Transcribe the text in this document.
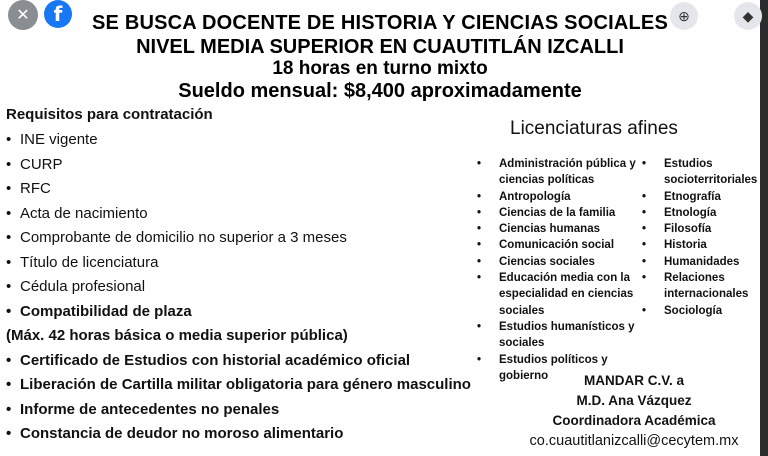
SE BUSCA DOCENTE DE HISTORIA Y CIENCIAS SOCIALES
NIVEL MEDIA SUPERIOR EN CUAUTITLÁN IZCALLI
18 horas en turno mixto
Sueldo mensual: $8,400 aproximadamente
Requisitos para contratación
• INE vigente
• CURP
• RFC
• Acta de nacimiento
• Comprobante de domicilio no superior a 3 meses
• Título de licenciatura
• Cédula profesional
• Compatibilidad de plaza
(Máx. 42 horas básica o media superior pública)
• Certificado de Estudios con historial académico oficial
• Liberación de Cartilla militar obligatoria para género masculino
• Informe de antecedentes no penales
• Constancia de deudor no moroso alimentario
Licenciaturas afines
• Administración pública y ciencias políticas
• Antropología
• Ciencias de la familia
• Ciencias humanas
• Comunicación social
• Ciencias sociales
• Educación media con la especialidad en ciencias sociales
• Estudios humanísticos y sociales
• Estudios políticos y gobierno
• Estudios socioterritoriales
• Etnografía
• Etnología
• Filosofía
• Historia
• Humanidades
• Relaciones internacionales
• Sociología
MANDAR C.V. a
M.D. Ana Vázquez
Coordinadora Académica
co.cuautitlanizcalli@cecytem.mx
✕ f	⊕	◆
